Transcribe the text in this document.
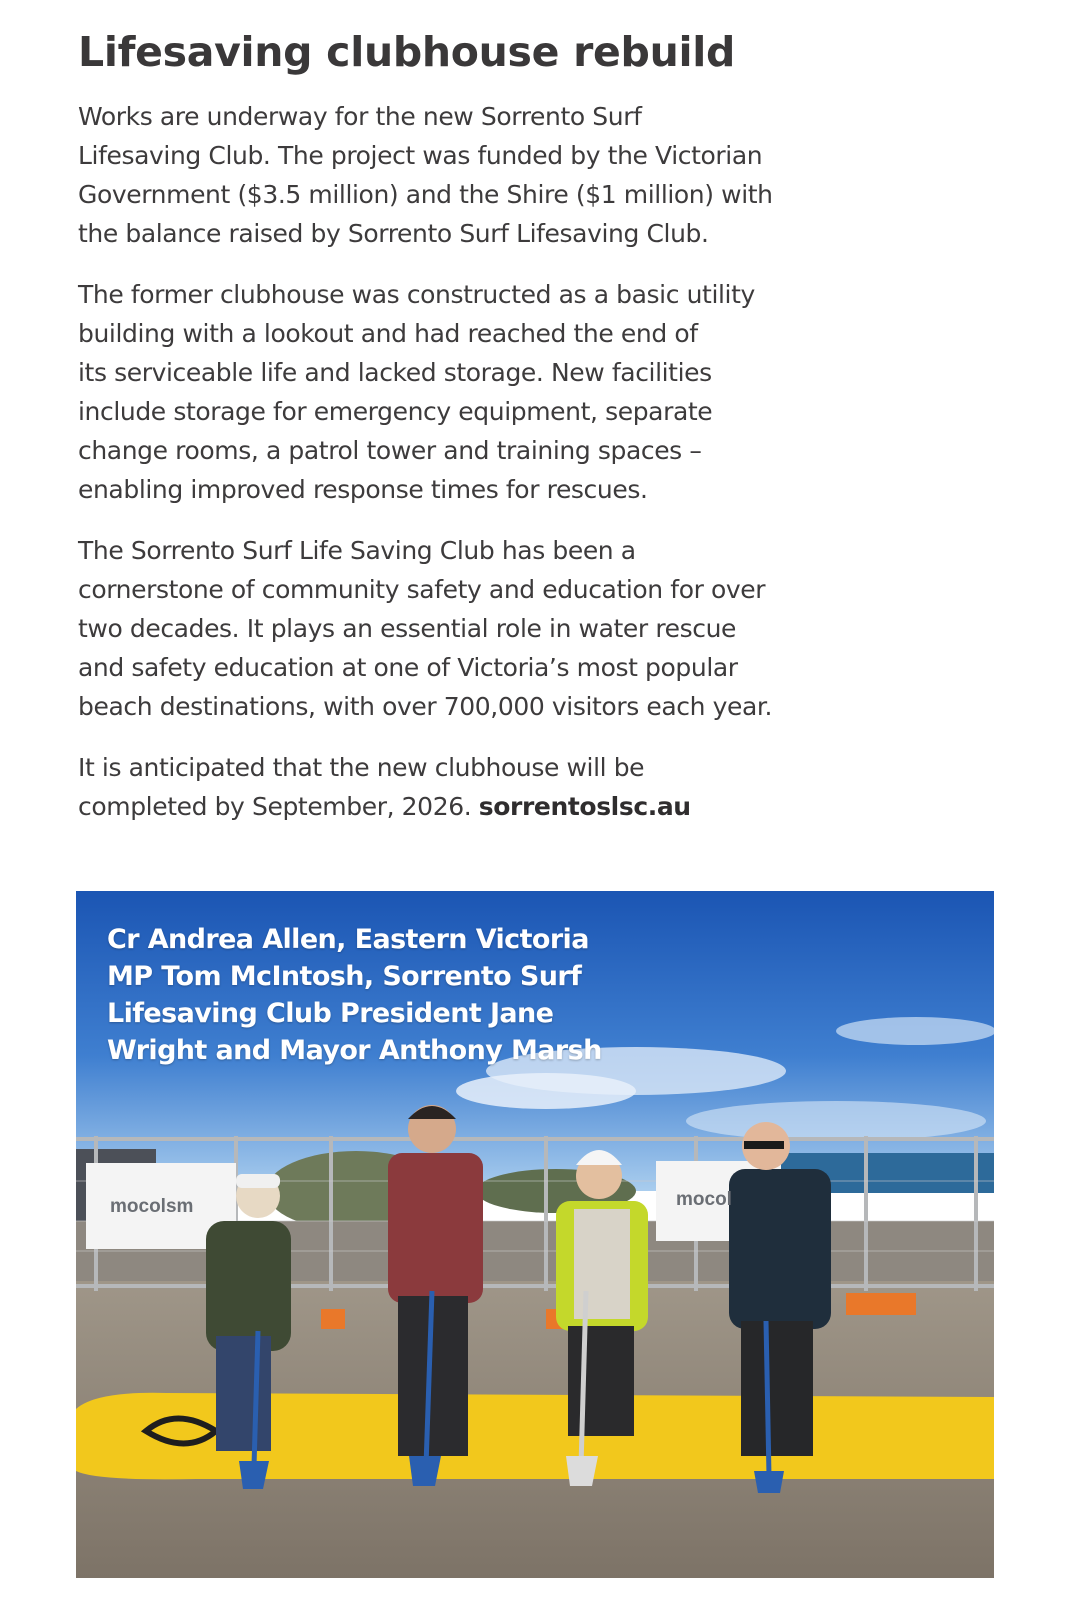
Lifesaving clubhouse rebuild

Works are underway for the new Sorrento Surf
Lifesaving Club. The project was funded by the Victorian
Government ($3.5 million) and the Shire ($1 million) with
the balance raised by Sorrento Surf Lifesaving Club.

The former clubhouse was constructed as a basic utility
building with a lookout and had reached the end of
its serviceable life and lacked storage. New facilities
include storage for emergency equipment, separate
change rooms, a patrol tower and training spaces –
enabling improved response times for rescues.

The Sorrento Surf Life Saving Club has been a
cornerstone of community safety and education for over
two decades. It plays an essential role in water rescue
and safety education at one of Victoria’s most popular
beach destinations, with over 700,000 visitors each year.

It is anticipated that the new clubhouse will be
completed by September, 2026. sorrentoslsc.au

mocolsm	mocol
Cr Andrea Allen, Eastern Victoria
MP Tom McIntosh, Sorrento Surf
Lifesaving Club President Jane
Wright and Mayor Anthony Marsh
